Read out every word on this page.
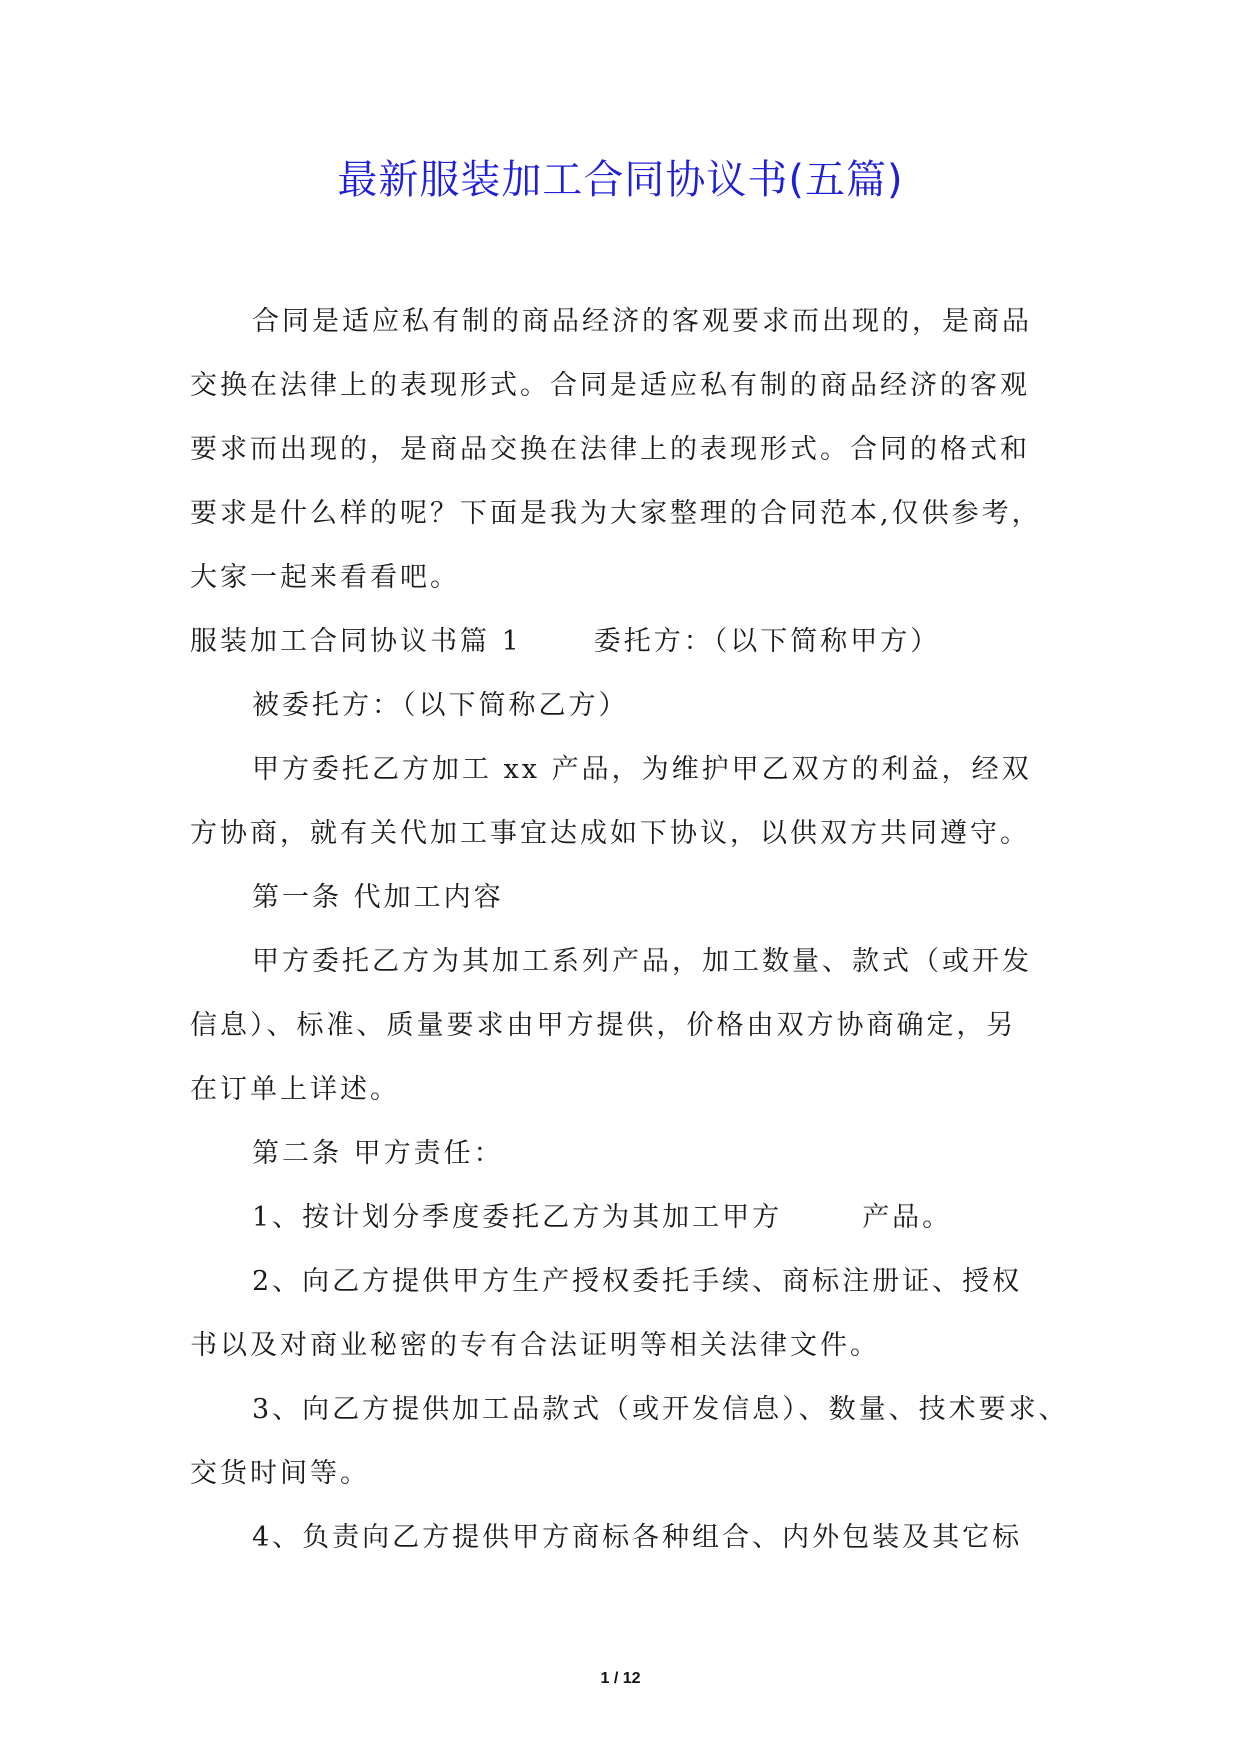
最新服装加工合同协议书(五篇)
合同是适应私有制的商品经济的客观要求而出现的，是商品
交换在法律上的表现形式。合同是适应私有制的商品经济的客观
要求而出现的，是商品交换在法律上的表现形式。合同的格式和
要求是什么样的呢？下面是我为大家整理的合同范本,仅供参考，
大家一起来看看吧。
服装加工合同协议书篇 1	委托方：（以下简称甲方）
被委托方：（以下简称乙方）
甲方委托乙方加工 xx 产品，为维护甲乙双方的利益，经双
方协商，就有关代加工事宜达成如下协议，以供双方共同遵守。
第一条 代加工内容
甲方委托乙方为其加工系列产品，加工数量、款式（或开发
信息）、标准、质量要求由甲方提供，价格由双方协商确定，另
在订单上详述。
第二条 甲方责任：
1、按计划分季度委托乙方为其加工甲方	产品。
2、向乙方提供甲方生产授权委托手续、商标注册证、授权
书以及对商业秘密的专有合法证明等相关法律文件。
3、向乙方提供加工品款式（或开发信息）、数量、技术要求、
交货时间等。
4、负责向乙方提供甲方商标各种组合、内外包装及其它标
1 / 12
